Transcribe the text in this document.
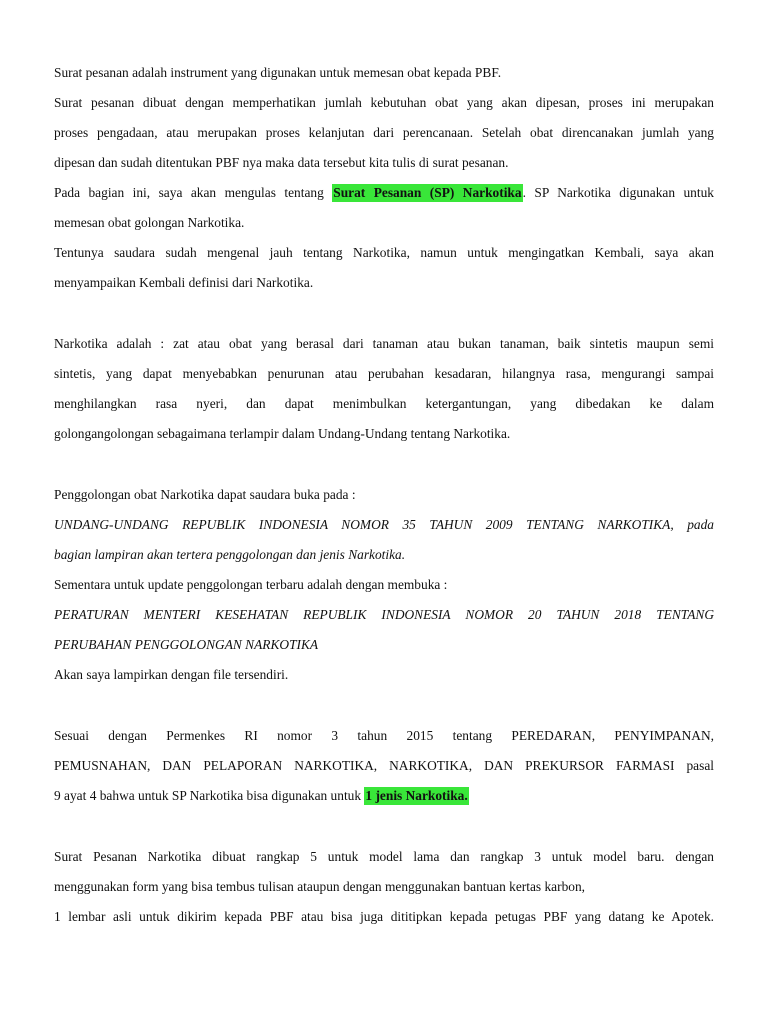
Surat pesanan adalah instrument yang digunakan untuk memesan obat kepada PBF.
Surat pesanan dibuat dengan memperhatikan jumlah kebutuhan obat yang akan dipesan, proses ini merupakan
proses pengadaan, atau merupakan proses kelanjutan dari perencanaan. Setelah obat direncanakan jumlah yang
dipesan dan sudah ditentukan PBF nya maka data tersebut kita tulis di surat pesanan.
Pada bagian ini, saya akan mengulas tentang Surat Pesanan (SP) Narkotika. SP Narkotika digunakan untuk
memesan obat golongan Narkotika.
Tentunya saudara sudah mengenal jauh tentang Narkotika, namun untuk mengingatkan Kembali, saya akan
menyampaikan Kembali definisi dari Narkotika.
Narkotika adalah : zat atau obat yang berasal dari tanaman atau bukan tanaman, baik sintetis maupun semi
sintetis, yang dapat menyebabkan penurunan atau perubahan kesadaran, hilangnya rasa, mengurangi sampai
menghilangkan rasa nyeri, dan dapat menimbulkan ketergantungan, yang dibedakan ke dalam
golongangolongan sebagaimana terlampir dalam Undang-Undang tentang Narkotika.
Penggolongan obat Narkotika dapat saudara buka pada :
UNDANG-UNDANG REPUBLIK INDONESIA NOMOR 35 TAHUN 2009 TENTANG NARKOTIKA, pada
bagian lampiran akan tertera penggolongan dan jenis Narkotika.
Sementara untuk update penggolongan terbaru adalah dengan membuka :
PERATURAN MENTERI KESEHATAN REPUBLIK INDONESIA NOMOR 20 TAHUN 2018 TENTANG
PERUBAHAN PENGGOLONGAN NARKOTIKA
Akan saya lampirkan dengan file tersendiri.
Sesuai dengan Permenkes RI nomor 3 tahun 2015 tentang PEREDARAN, PENYIMPANAN,
PEMUSNAHAN, DAN PELAPORAN NARKOTIKA, NARKOTIKA, DAN PREKURSOR FARMASI pasal
9 ayat 4 bahwa untuk SP Narkotika bisa digunakan untuk 1 jenis Narkotika.
Surat Pesanan Narkotika dibuat rangkap 5 untuk model lama dan rangkap 3 untuk model baru. dengan
menggunakan form yang bisa tembus tulisan ataupun dengan menggunakan bantuan kertas karbon,
1 lembar asli untuk dikirim kepada PBF atau bisa juga dititipkan kepada petugas PBF yang datang ke Apotek.
